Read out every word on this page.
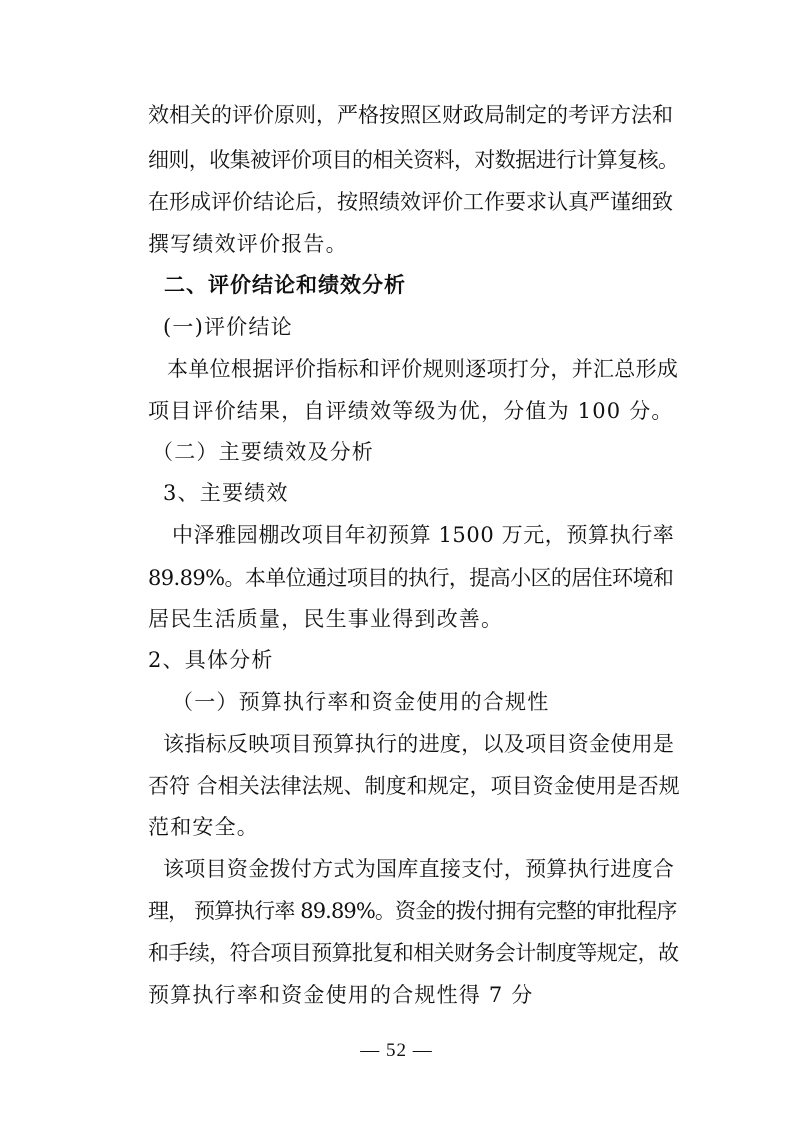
效相关的评价原则，严格按照区财政局制定的考评方法和
细则，收集被评价项目的相关资料，对数据进行计算复核。
在形成评价结论后，按照绩效评价工作要求认真严谨细致
撰写绩效评价报告。
二、评价结论和绩效分析
(一)评价结论
本单位根据评价指标和评价规则逐项打分，并汇总形成
项目评价结果，自评绩效等级为优，分值为 100 分。
（二）主要绩效及分析
3、主要绩效
中泽雅园棚改项目年初预算 1500 万元，预算执行率
89.89%。本单位通过项目的执行，提高小区的居住环境和
居民生活质量，民生事业得到改善。
2、具体分析
（一）预算执行率和资金使用的合规性
该指标反映项目预算执行的进度，以及项目资金使用是
否符 合相关法律法规、制度和规定，项目资金使用是否规
范和安全。
该项目资金拨付方式为国库直接支付，预算执行进度合
理， 预算执行率 89.89%。资金的拨付拥有完整的审批程序
和手续，符合项目预算批复和相关财务会计制度等规定，故
预算执行率和资金使用的合规性得 7 分
— 52 —
